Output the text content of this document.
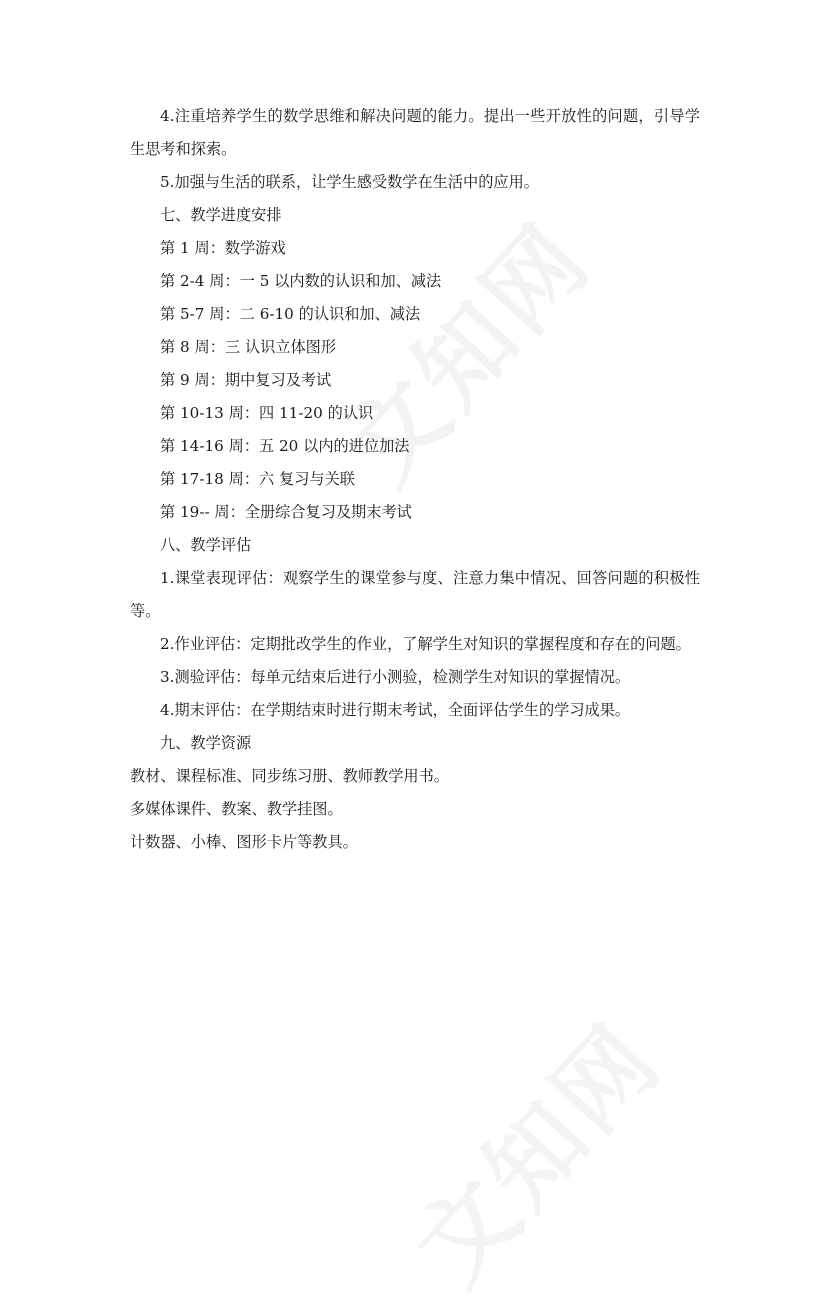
4.注重培养学生的数学思维和解决问题的能力。提出一些开放性的问题，引导学生思考和探索。

5.加强与生活的联系，让学生感受数学在生活中的应用。

七、教学进度安排

第 1 周：数学游戏

第 2-4 周：一 5 以内数的认识和加、减法

第 5-7 周：二 6-10 的认识和加、减法

第 8 周：三 认识立体图形

第 9 周：期中复习及考试

第 10-13 周：四 11-20 的认识

第 14-16 周：五 20 以内的进位加法

第 17-18 周：六 复习与关联

第 19-- 周：全册综合复习及期末考试

八、教学评估

1.课堂表现评估：观察学生的课堂参与度、注意力集中情况、回答问题的积极性等。

2.作业评估：定期批改学生的作业，了解学生对知识的掌握程度和存在的问题。

3.测验评估：每单元结束后进行小测验，检测学生对知识的掌握情况。

4.期末评估：在学期结束时进行期末考试，全面评估学生的学习成果。

九、教学资源

教材、课程标准、同步练习册、教师教学用书。

多媒体课件、教案、教学挂图。

计数器、小棒、图形卡片等教具。
